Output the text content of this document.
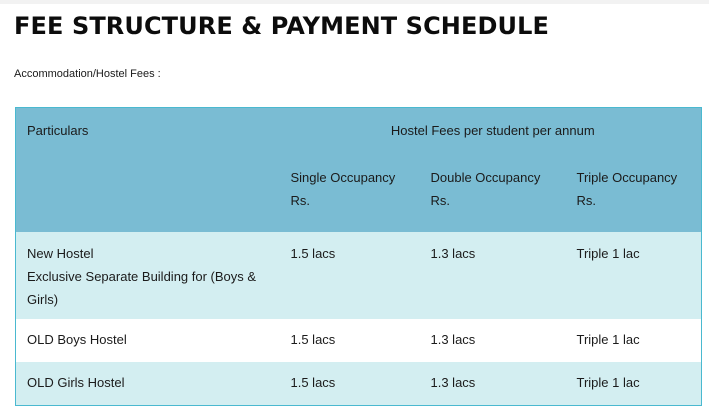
FEE STRUCTURE & PAYMENT SCHEDULE

Accommodation/Hostel Fees :

Particulars	Hostel Fees per student per annum		
	Single Occupancy Rs.	Double Occupancy Rs.	Triple Occupancy Rs.
New Hostel
Exclusive Separate Building for (Boys & Girls)	1.5 lacs	1.3 lacs	Triple 1 lac
OLD Boys Hostel	1.5 lacs	1.3 lacs	Triple 1 lac
OLD Girls Hostel	1.5 lacs	1.3 lacs	Triple 1 lac
